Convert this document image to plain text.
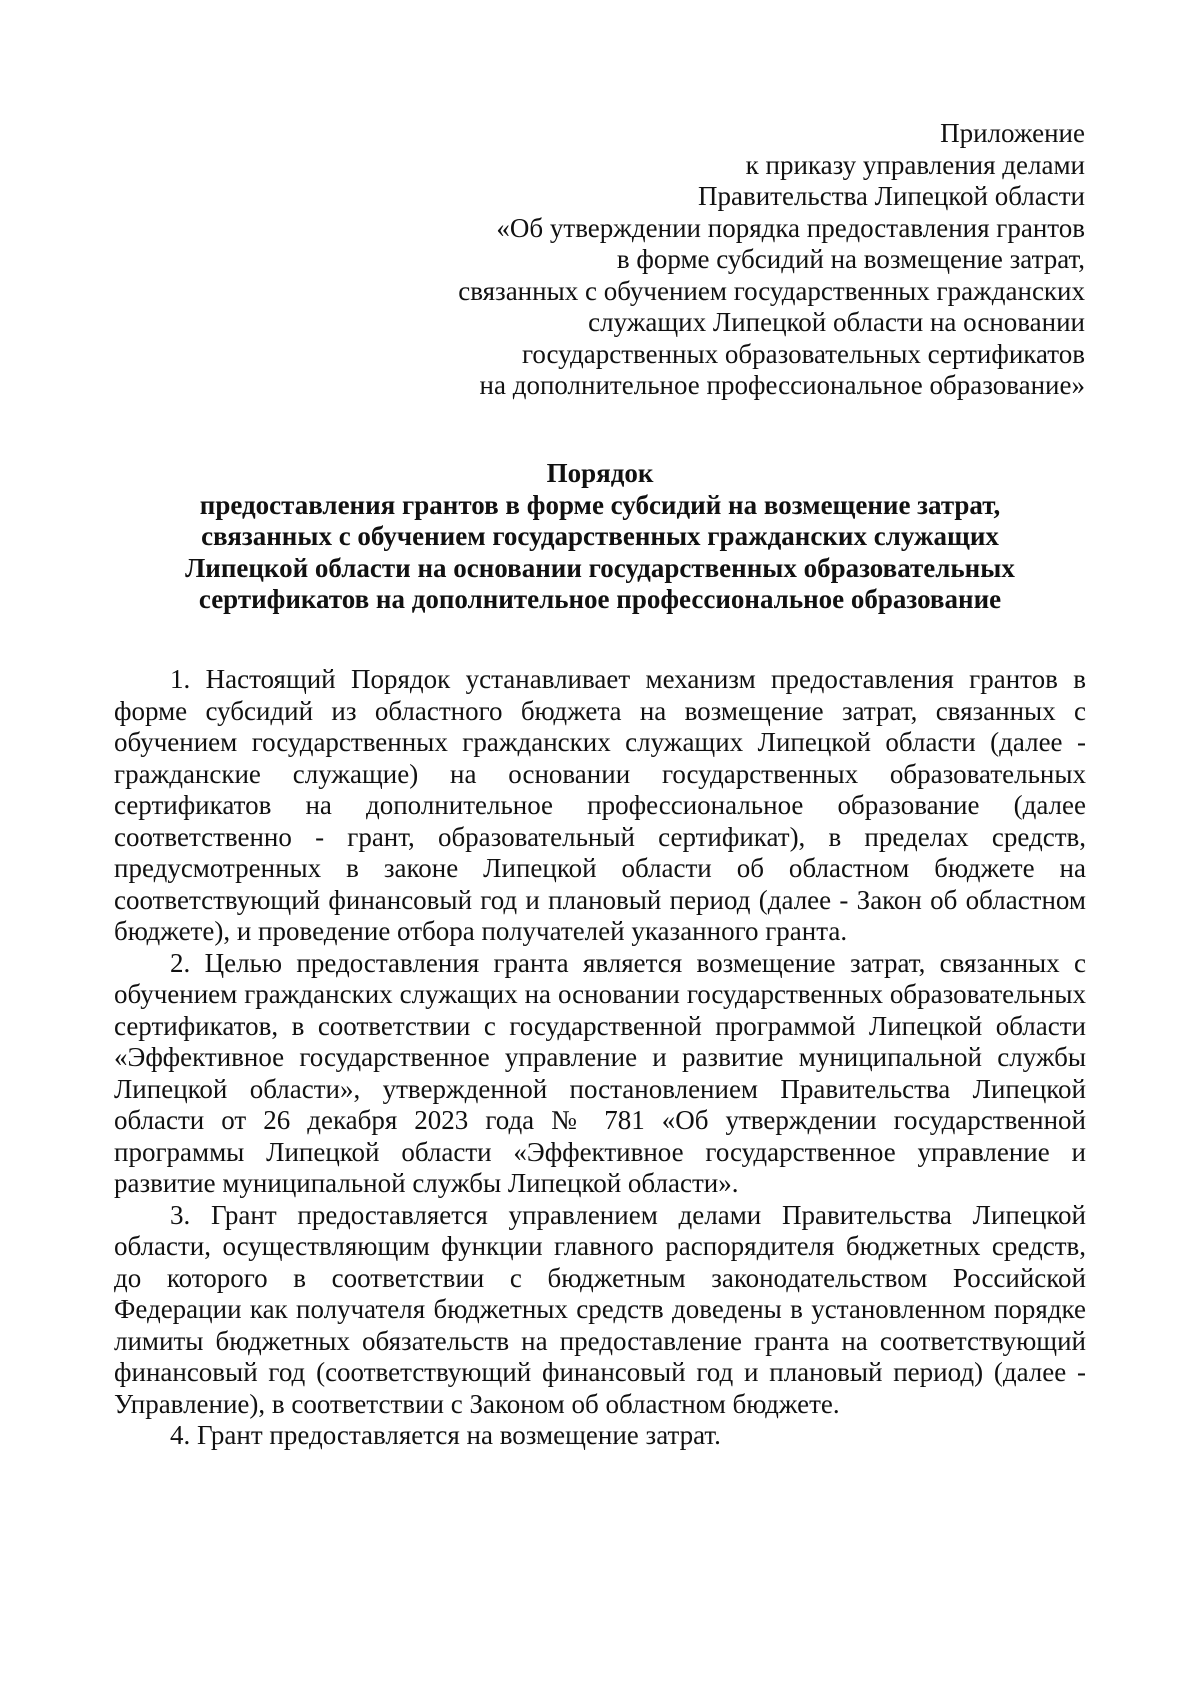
Приложение
к приказу управления делами
Правительства Липецкой области
«Об утверждении порядка предоставления грантов
в форме субсидий на возмещение затрат,
связанных с обучением государственных гражданских
служащих Липецкой области на основании
государственных образовательных сертификатов
на дополнительное профессиональное образование»
Порядок
предоставления грантов в форме субсидий на возмещение затрат,
связанных с обучением государственных гражданских служащих
Липецкой области на основании государственных образовательных
сертификатов на дополнительное профессиональное образование

1. Настоящий Порядок устанавливает механизм предоставления грантов в форме субсидий из областного бюджета на возмещение затрат, связанных с обучением государственных гражданских служащих Липецкой области (далее - гражданские служащие) на основании государственных образовательных сертификатов на дополнительное профессиональное образование (далее соответственно - грант, образовательный сертификат), в пределах средств, предусмотренных в законе Липецкой области об областном бюджете на соответствующий финансовый год и плановый период (далее - Закон об областном бюджете), и проведение отбора получателей указанного гранта.

2. Целью предоставления гранта является возмещение затрат, связанных с обучением гражданских служащих на основании государственных образовательных сертификатов, в соответствии с государственной программой Липецкой области «Эффективное государственное управление и развитие муниципальной службы Липецкой области», утвержденной постановлением Правительства Липецкой области от 26 декабря 2023 года № 781 «Об утверждении государственной программы Липецкой области «Эффективное государственное управление и развитие муниципальной службы Липецкой области».

3. Грант предоставляется управлением делами Правительства Липецкой области, осуществляющим функции главного распорядителя бюджетных средств, до которого в соответствии с бюджетным законодательством Российской Федерации как получателя бюджетных средств доведены в установленном порядке лимиты бюджетных обязательств на предоставление гранта на соответствующий финансовый год (соответствующий финансовый год и плановый период) (далее - Управление), в соответствии с Законом об областном бюджете.

4. Грант предоставляется на возмещение затрат.
